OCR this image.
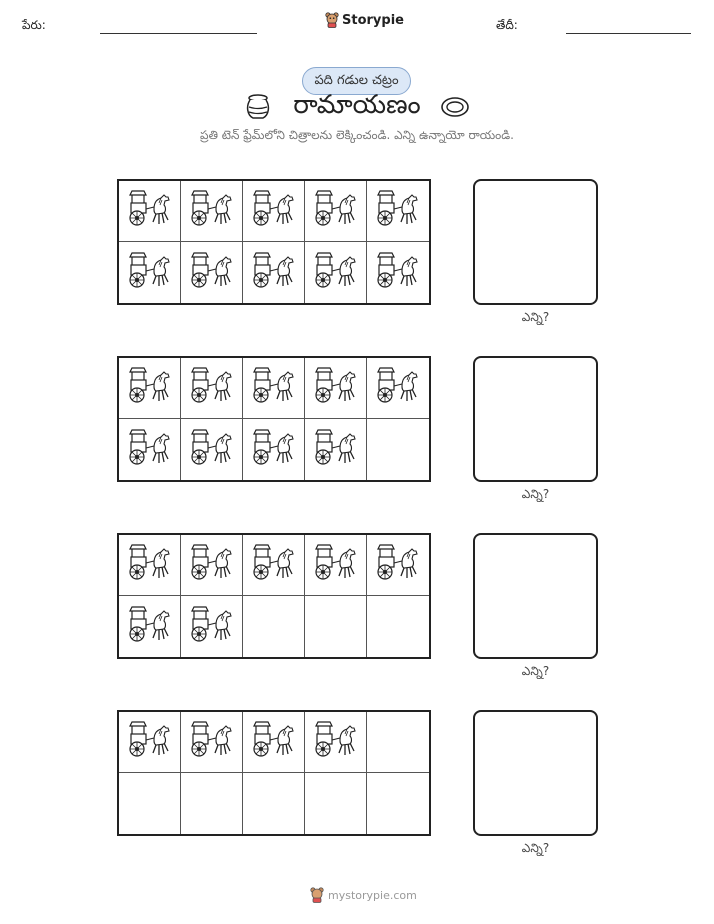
పేరు:	Storypie	తేదీ:
పది గడుల చట్రం
రామాయణం
ప్రతి టెన్ ఫ్రేమ్‌లోని చిత్రాలను లెక్కించండి. ఎన్ని ఉన్నాయో రాయండి.
ఎన్ని?
ఎన్ని?
ఎన్ని?
ఎన్ని?
mystorypie.com
